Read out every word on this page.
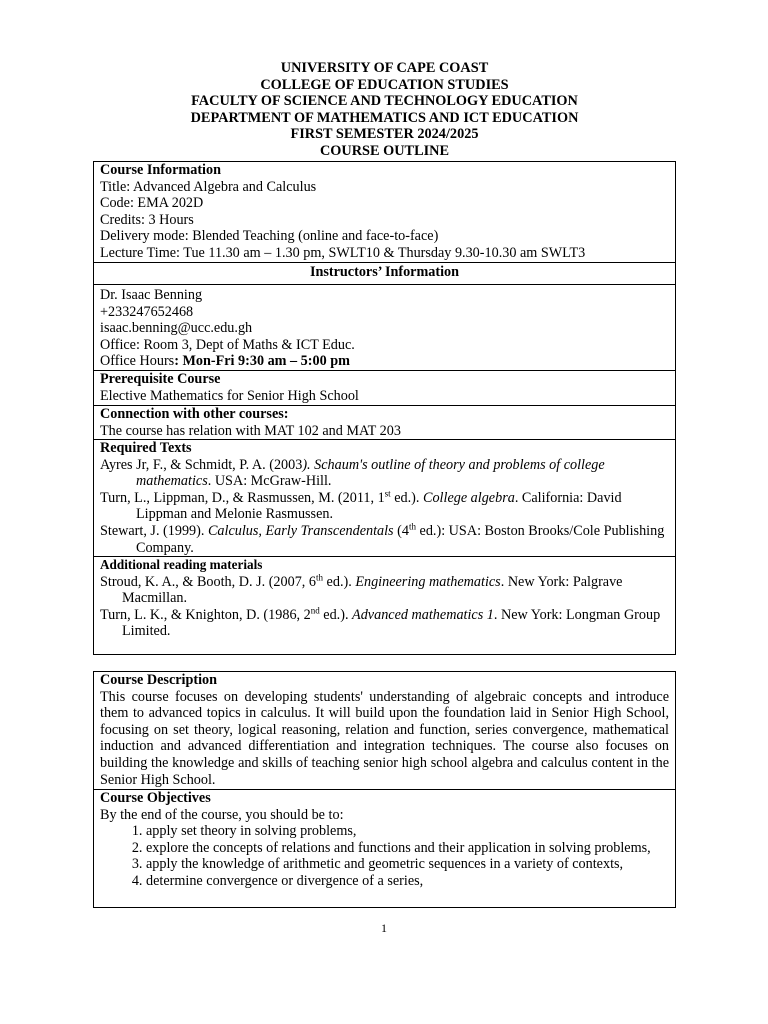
UNIVERSITY OF CAPE COAST
COLLEGE OF EDUCATION STUDIES
FACULTY OF SCIENCE AND TECHNOLOGY EDUCATION
DEPARTMENT OF MATHEMATICS AND ICT EDUCATION
FIRST SEMESTER 2024/2025
COURSE OUTLINE
Course Information
Title: Advanced Algebra and Calculus
Code: EMA 202D
Credits: 3 Hours
Delivery mode: Blended Teaching (online and face-to-face)
Lecture Time: Tue 11.30 am – 1.30 pm, SWLT10 & Thursday 9.30-10.30 am SWLT3
Instructors’ Information
Dr. Isaac Benning
+233247652468
isaac.benning@ucc.edu.gh
Office: Room 3, Dept of Maths & ICT Educ.
Office Hours: Mon-Fri 9:30 am – 5:00 pm
Prerequisite Course
Elective Mathematics for Senior High School
Connection with other courses:
The course has relation with MAT 102 and MAT 203
Required Texts
Ayres Jr, F., & Schmidt, P. A. (2003). Schaum's outline of theory and problems of college mathematics. USA: McGraw-Hill.
Turn, L., Lippman, D., & Rasmussen, M. (2011, 1st ed.). College algebra. California: David Lippman and Melonie Rasmussen.
Stewart, J. (1999). Calculus, Early Transcendentals (4th ed.): USA: Boston Brooks/Cole Publishing Company.
Additional reading materials
Stroud, K. A., & Booth, D. J. (2007, 6th ed.). Engineering mathematics. New York: Palgrave Macmillan.
Turn, L. K., & Knighton, D. (1986, 2nd ed.). Advanced mathematics 1. New York: Longman Group Limited.
Course Description
This course focuses on developing students' understanding of algebraic concepts and introduce them to advanced topics in calculus. It will build upon the foundation laid in Senior High School, focusing on set theory, logical reasoning, relation and function, series convergence, mathematical induction and advanced differentiation and integration techniques. The course also focuses on building the knowledge and skills of teaching senior high school algebra and calculus content in the Senior High School.
Course Objectives
By the end of the course, you should be to:
1. apply set theory in solving problems,
2. explore the concepts of relations and functions and their application in solving problems,
3. apply the knowledge of arithmetic and geometric sequences in a variety of contexts,
4. determine convergence or divergence of a series,
1
